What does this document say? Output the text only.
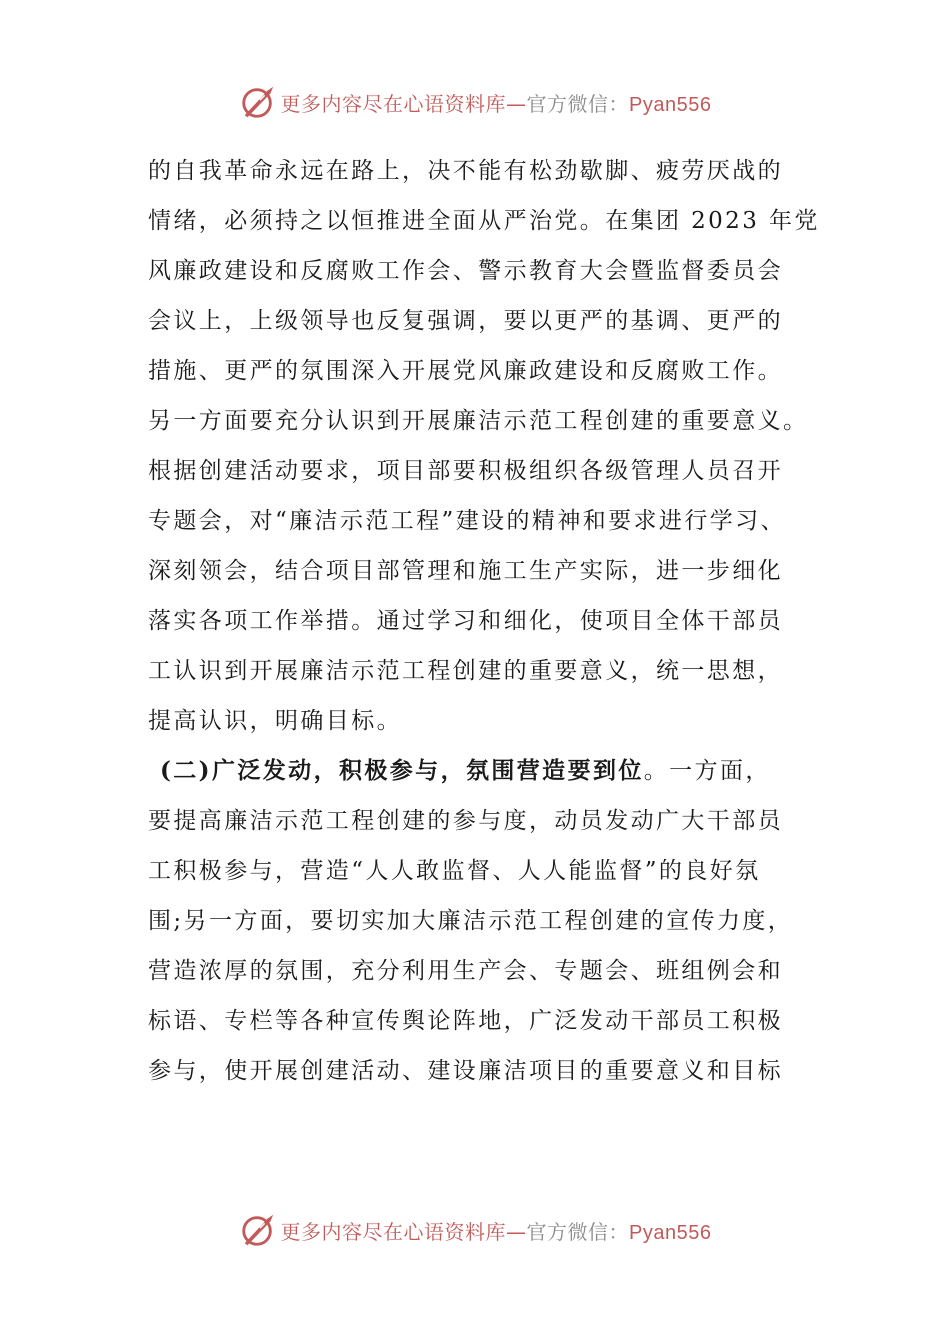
更多内容尽在心语资料库—官方微信：Pyan556
的自我革命永远在路上，决不能有松劲歇脚、疲劳厌战的
情绪，必须持之以恒推进全面从严治党。在集团 2023 年党
风廉政建设和反腐败工作会、警示教育大会暨监督委员会
会议上，上级领导也反复强调，要以更严的基调、更严的
措施、更严的氛围深入开展党风廉政建设和反腐败工作。
另一方面要充分认识到开展廉洁示范工程创建的重要意义。
根据创建活动要求，项目部要积极组织各级管理人员召开
专题会，对“廉洁示范工程”建设的精神和要求进行学习、
深刻领会，结合项目部管理和施工生产实际，进一步细化
落实各项工作举措。通过学习和细化，使项目全体干部员
工认识到开展廉洁示范工程创建的重要意义，统一思想，
提高认识，明确目标。
(二)广泛发动，积极参与，氛围营造要到位。一方面，
要提高廉洁示范工程创建的参与度，动员发动广大干部员
工积极参与，营造“人人敢监督、人人能监督”的良好氛
围;另一方面，要切实加大廉洁示范工程创建的宣传力度，
营造浓厚的氛围，充分利用生产会、专题会、班组例会和
标语、专栏等各种宣传舆论阵地，广泛发动干部员工积极
参与，使开展创建活动、建设廉洁项目的重要意义和目标
更多内容尽在心语资料库—官方微信：Pyan556
